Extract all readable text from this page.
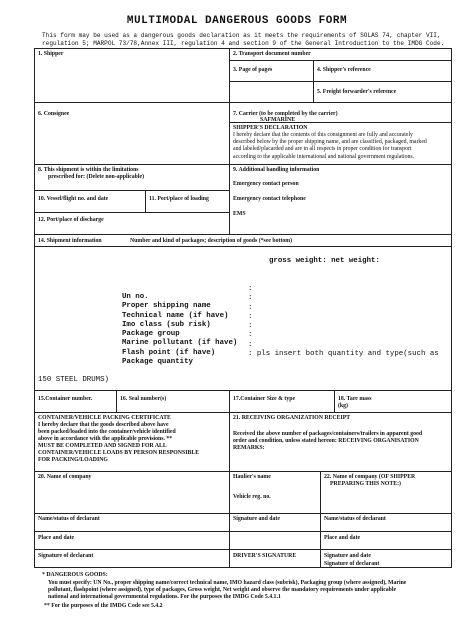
MULTIMODAL DANGEROUS GOODS FORM
This form may be used as a dangerous goods declaration as it meets the requirements of SOLAS 74, chapter VII,
regulation 5; MARPOL 73/78,Annex III, regulation 4 and section 9 of the General Introduction to the IMDG Code.
1. Shipper	2. Transport document number
3. Page of pages	4. Shipper's reference
5. Freight forwarder's reference
6. Consignee	7. Carrier (to be completed by the carrier)
SAFMARINE
SHIPPER'S DECLARATION
I hereby declare that the contents of this consignment are fully and accurately
described below by the proper shipping name, and are classified, packaged, marked
and labeled/placarded and are in all respects in proper condition for transport
according to the applicable international and national government regulations.
8. This shipment is within the limitations
prescribed for: (Delete non-applicable)
9. Additional handling information
Emergency contact person
Emergency contact telephone
EMS
10. Vessel/flight no. and date	11. Port/place of loading
12. Port/place of discharge
14. Shipment information	Number and kind of packages; description of goods (*see bottom)
gross weight: net weight:
Un no.
:
Proper shipping name
:
Technical name (if have)
:
Imo class (sub risk)
:
Package group
:
Marine pollutant (if have)
:
Flash point (if have)
:
Package quantity
: pls insert both quantity and type(such as
150 STEEL DRUMS)
15.Container number.	16. Seal number(s)	17.Container Size & type	18. Tare mass
(kg)
CONTAINER/VEHICLE PACKING CERTIFICATE
I hereby declare that the goods described above have
been packed/loaded into the container/vehicle identified
above in accordance with the applicable provisions. **
MUST BE COMPLETED AND SIGNED FOR ALL
CONTAINER/VEHICLE LOADS BY PERSON RESPONSIBLE
FOR PACKING/LOADING
21. RECEIVING ORGANIZATION RECEIPT
Received the above number of packages/containers/trailers in apparent good
order and condition, unless stated hereon: RECEIVING ORGANISATION
REMARKS:
20. Name of company	Haulier's name	22. Name of company (OF SHIPPER
PREPARING THIS NOTE:)
Vehicle reg. no.
Name/status of declarant	Signature and date	Name/status of declarant
Place and date	Place and date
Signature of declarant	DRIVER'S SIGNATURE	Signature and date
Signature of declarant
* DANGEROUS GOODS:
You must specify: UN No., proper shipping name/correct technical name, IMO hazard class (subrisk), Packaging group (where assigned), Marine
pollutant, flashpoint (where assigned), type of packages, Gross weight, Net weight and observe the mandatory requirements under applicable
national and international governmental regulations. For the purposes the IMDG Code 5.4.1.1
** For the purposes of the IMDG Code see 5.4.2
